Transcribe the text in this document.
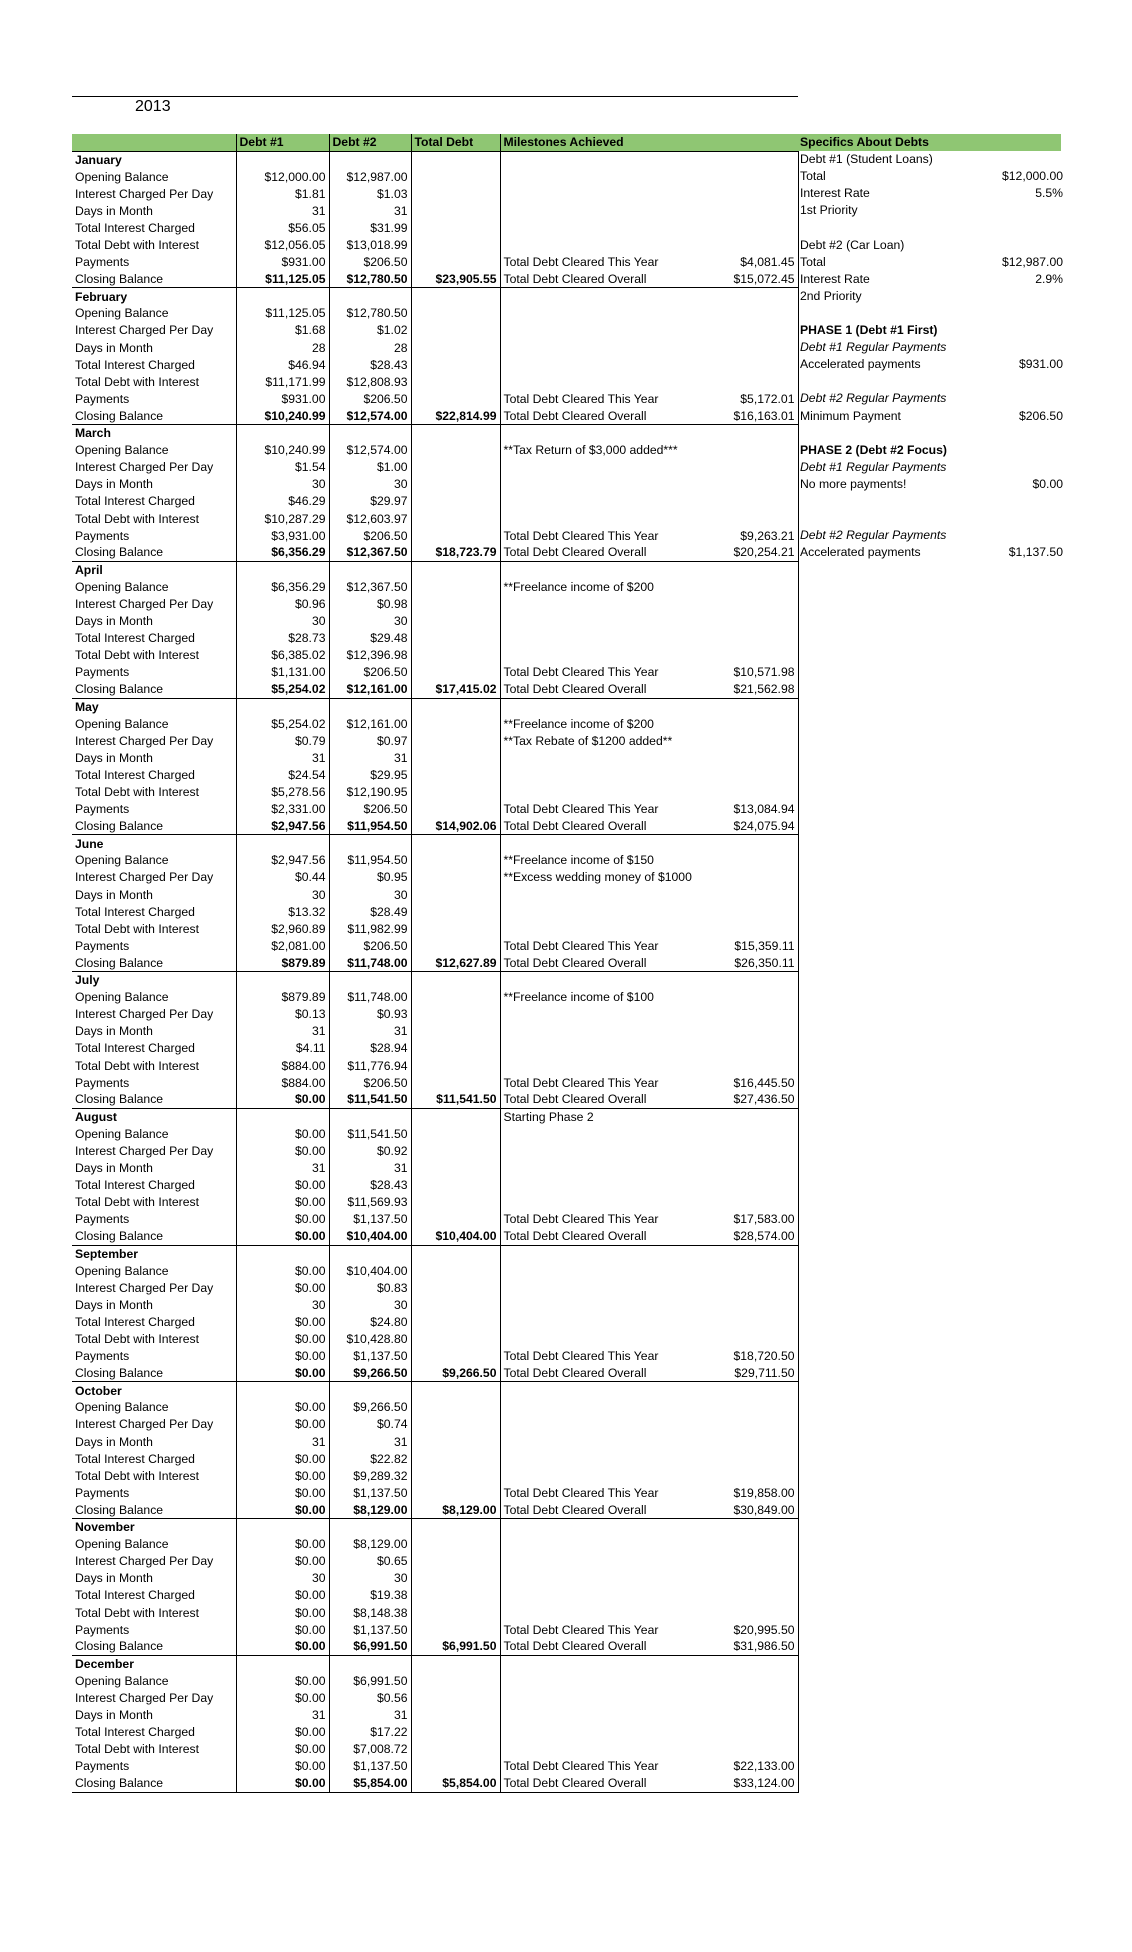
2013
	Debt #1	Debt #2	Total Debt	Milestones Achieved
January				
Opening Balance	$12,000.00	$12,987.00		
Interest Charged Per Day	$1.81	$1.03		
Days in Month	31	31		
Total Interest Charged	$56.05	$31.99		
Total Debt with Interest	$12,056.05	$13,018.99		
Payments	$931.00	$206.50		Total Debt Cleared This Year $4,081.45

Closing Balance	$11,125.05	$12,780.50	$23,905.55	Total Debt Cleared Overall $15,072.45

February				
Opening Balance	$11,125.05	$12,780.50		
Interest Charged Per Day	$1.68	$1.02		
Days in Month	28	28		
Total Interest Charged	$46.94	$28.43		
Total Debt with Interest	$11,171.99	$12,808.93		
Payments	$931.00	$206.50		Total Debt Cleared This Year $5,172.01

Closing Balance	$10,240.99	$12,574.00	$22,814.99	Total Debt Cleared Overall $16,163.01

March				
Opening Balance	$10,240.99	$12,574.00		**Tax Return of $3,000 added***
Interest Charged Per Day	$1.54	$1.00		
Days in Month	30	30		
Total Interest Charged	$46.29	$29.97		
Total Debt with Interest	$10,287.29	$12,603.97		
Payments	$3,931.00	$206.50		Total Debt Cleared This Year $9,263.21

Closing Balance	$6,356.29	$12,367.50	$18,723.79	Total Debt Cleared Overall $20,254.21

April				
Opening Balance	$6,356.29	$12,367.50		**Freelance income of $200
Interest Charged Per Day	$0.96	$0.98		
Days in Month	30	30		
Total Interest Charged	$28.73	$29.48		
Total Debt with Interest	$6,385.02	$12,396.98		
Payments	$1,131.00	$206.50		Total Debt Cleared This Year $10,571.98

Closing Balance	$5,254.02	$12,161.00	$17,415.02	Total Debt Cleared Overall $21,562.98

May				
Opening Balance	$5,254.02	$12,161.00		**Freelance income of $200
Interest Charged Per Day	$0.79	$0.97		**Tax Rebate of $1200 added**
Days in Month	31	31		
Total Interest Charged	$24.54	$29.95		
Total Debt with Interest	$5,278.56	$12,190.95		
Payments	$2,331.00	$206.50		Total Debt Cleared This Year $13,084.94

Closing Balance	$2,947.56	$11,954.50	$14,902.06	Total Debt Cleared Overall $24,075.94

June				
Opening Balance	$2,947.56	$11,954.50		**Freelance income of $150
Interest Charged Per Day	$0.44	$0.95		**Excess wedding money of $1000
Days in Month	30	30		
Total Interest Charged	$13.32	$28.49		
Total Debt with Interest	$2,960.89	$11,982.99		
Payments	$2,081.00	$206.50		Total Debt Cleared This Year $15,359.11

Closing Balance	$879.89	$11,748.00	$12,627.89	Total Debt Cleared Overall $26,350.11

July				
Opening Balance	$879.89	$11,748.00		**Freelance income of $100
Interest Charged Per Day	$0.13	$0.93		
Days in Month	31	31		
Total Interest Charged	$4.11	$28.94		
Total Debt with Interest	$884.00	$11,776.94		
Payments	$884.00	$206.50		Total Debt Cleared This Year $16,445.50

Closing Balance	$0.00	$11,541.50	$11,541.50	Total Debt Cleared Overall $27,436.50

August				Starting Phase 2
Opening Balance	$0.00	$11,541.50		
Interest Charged Per Day	$0.00	$0.92		
Days in Month	31	31		
Total Interest Charged	$0.00	$28.43		
Total Debt with Interest	$0.00	$11,569.93		
Payments	$0.00	$1,137.50		Total Debt Cleared This Year $17,583.00

Closing Balance	$0.00	$10,404.00	$10,404.00	Total Debt Cleared Overall $28,574.00

September				
Opening Balance	$0.00	$10,404.00		
Interest Charged Per Day	$0.00	$0.83		
Days in Month	30	30		
Total Interest Charged	$0.00	$24.80		
Total Debt with Interest	$0.00	$10,428.80		
Payments	$0.00	$1,137.50		Total Debt Cleared This Year $18,720.50

Closing Balance	$0.00	$9,266.50	$9,266.50	Total Debt Cleared Overall $29,711.50

October				
Opening Balance	$0.00	$9,266.50		
Interest Charged Per Day	$0.00	$0.74		
Days in Month	31	31		
Total Interest Charged	$0.00	$22.82		
Total Debt with Interest	$0.00	$9,289.32		
Payments	$0.00	$1,137.50		Total Debt Cleared This Year $19,858.00

Closing Balance	$0.00	$8,129.00	$8,129.00	Total Debt Cleared Overall $30,849.00

November				
Opening Balance	$0.00	$8,129.00		
Interest Charged Per Day	$0.00	$0.65		
Days in Month	30	30		
Total Interest Charged	$0.00	$19.38		
Total Debt with Interest	$0.00	$8,148.38		
Payments	$0.00	$1,137.50		Total Debt Cleared This Year $20,995.50

Closing Balance	$0.00	$6,991.50	$6,991.50	Total Debt Cleared Overall $31,986.50

December				
Opening Balance	$0.00	$6,991.50		
Interest Charged Per Day	$0.00	$0.56		
Days in Month	31	31		
Total Interest Charged	$0.00	$17.22		
Total Debt with Interest	$0.00	$7,008.72		
Payments	$0.00	$1,137.50		Total Debt Cleared This Year $22,133.00

Closing Balance	$0.00	$5,854.00	$5,854.00	Total Debt Cleared Overall $33,124.00
Specifics About Debts
Debt #1 (Student Loans)
Total	$12,000.00
Interest Rate	5.5%
1st Priority
Debt #2 (Car Loan)
Total	$12,987.00
Interest Rate	2.9%
2nd Priority
PHASE 1 (Debt #1 First)
Debt #1 Regular Payments
Accelerated payments	$931.00
Debt #2 Regular Payments
Minimum Payment	$206.50
PHASE 2 (Debt #2 Focus)
Debt #1 Regular Payments
No more payments!	$0.00
Debt #2 Regular Payments
Accelerated payments	$1,137.50
